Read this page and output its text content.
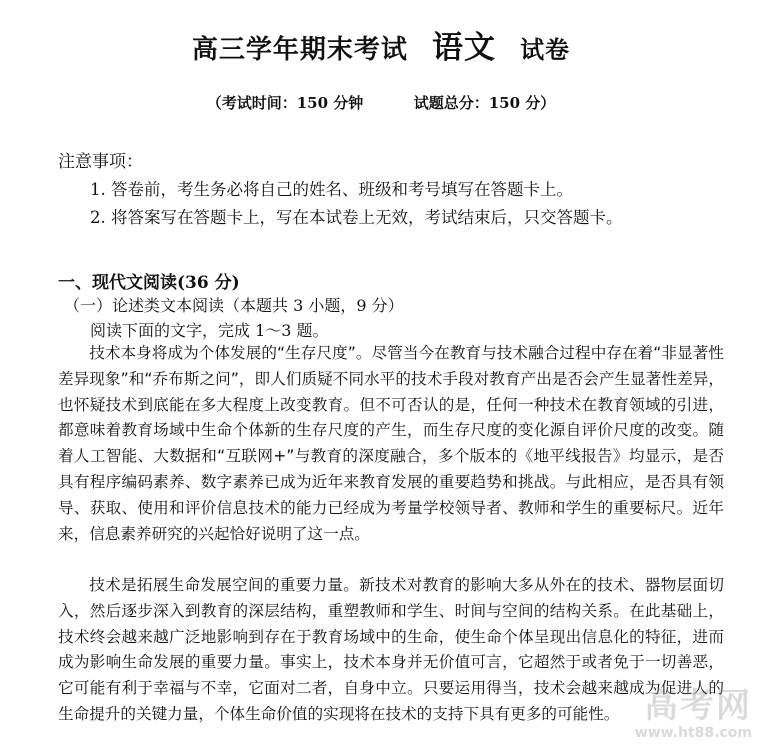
高三学年期末考试 语文 试卷
（考试时间：150 分钟	试题总分：150 分）
注意事项：
1. 答卷前，考生务必将自己的姓名、班级和考号填写在答题卡上。
2. 将答案写在答题卡上，写在本试卷上无效，考试结束后，只交答题卡。
一、现代文阅读(36 分)
（一）论述类文本阅读（本题共 3 小题，9 分）
阅读下面的文字，完成 1～3 题。

技术本身将成为个体发展的“生存尺度”。尽管当今在教育与技术融合过程中存在着“非显著性差异现象”和“乔布斯之问”，即人们质疑不同水平的技术手段对教育产出是否会产生显著性差异，也怀疑技术到底能在多大程度上改变教育。但不可否认的是，任何一种技术在教育领域的引进，都意味着教育场域中生命个体新的生存尺度的产生，而生存尺度的变化源自评价尺度的改变。随着人工智能、大数据和“互联网+”与教育的深度融合，多个版本的《地平线报告》均显示，是否具有程序编码素养、数字素养已成为近年来教育发展的重要趋势和挑战。与此相应，是否具有领导、获取、使用和评价信息技术的能力已经成为考量学校领导者、教师和学生的重要标尺。近年来，信息素养研究的兴起恰好说明了这一点。

技术是拓展生命发展空间的重要力量。新技术对教育的影响大多从外在的技术、器物层面切入，然后逐步深入到教育的深层结构，重塑教师和学生、时间与空间的结构关系。在此基础上，技术终会越来越广泛地影响到存在于教育场域中的生命，使生命个体呈现出信息化的特征，进而成为影响生命发展的重要力量。事实上，技术本身并无价值可言，它超然于或者免于一切善恶，它可能有利于幸福与不幸，它面对二者，自身中立。只要运用得当，技术会越来越成为促进人的生命提升的关键力量，个体生命价值的实现将在技术的支持下具有更多的可能性。 高考网
www.ht88.com
